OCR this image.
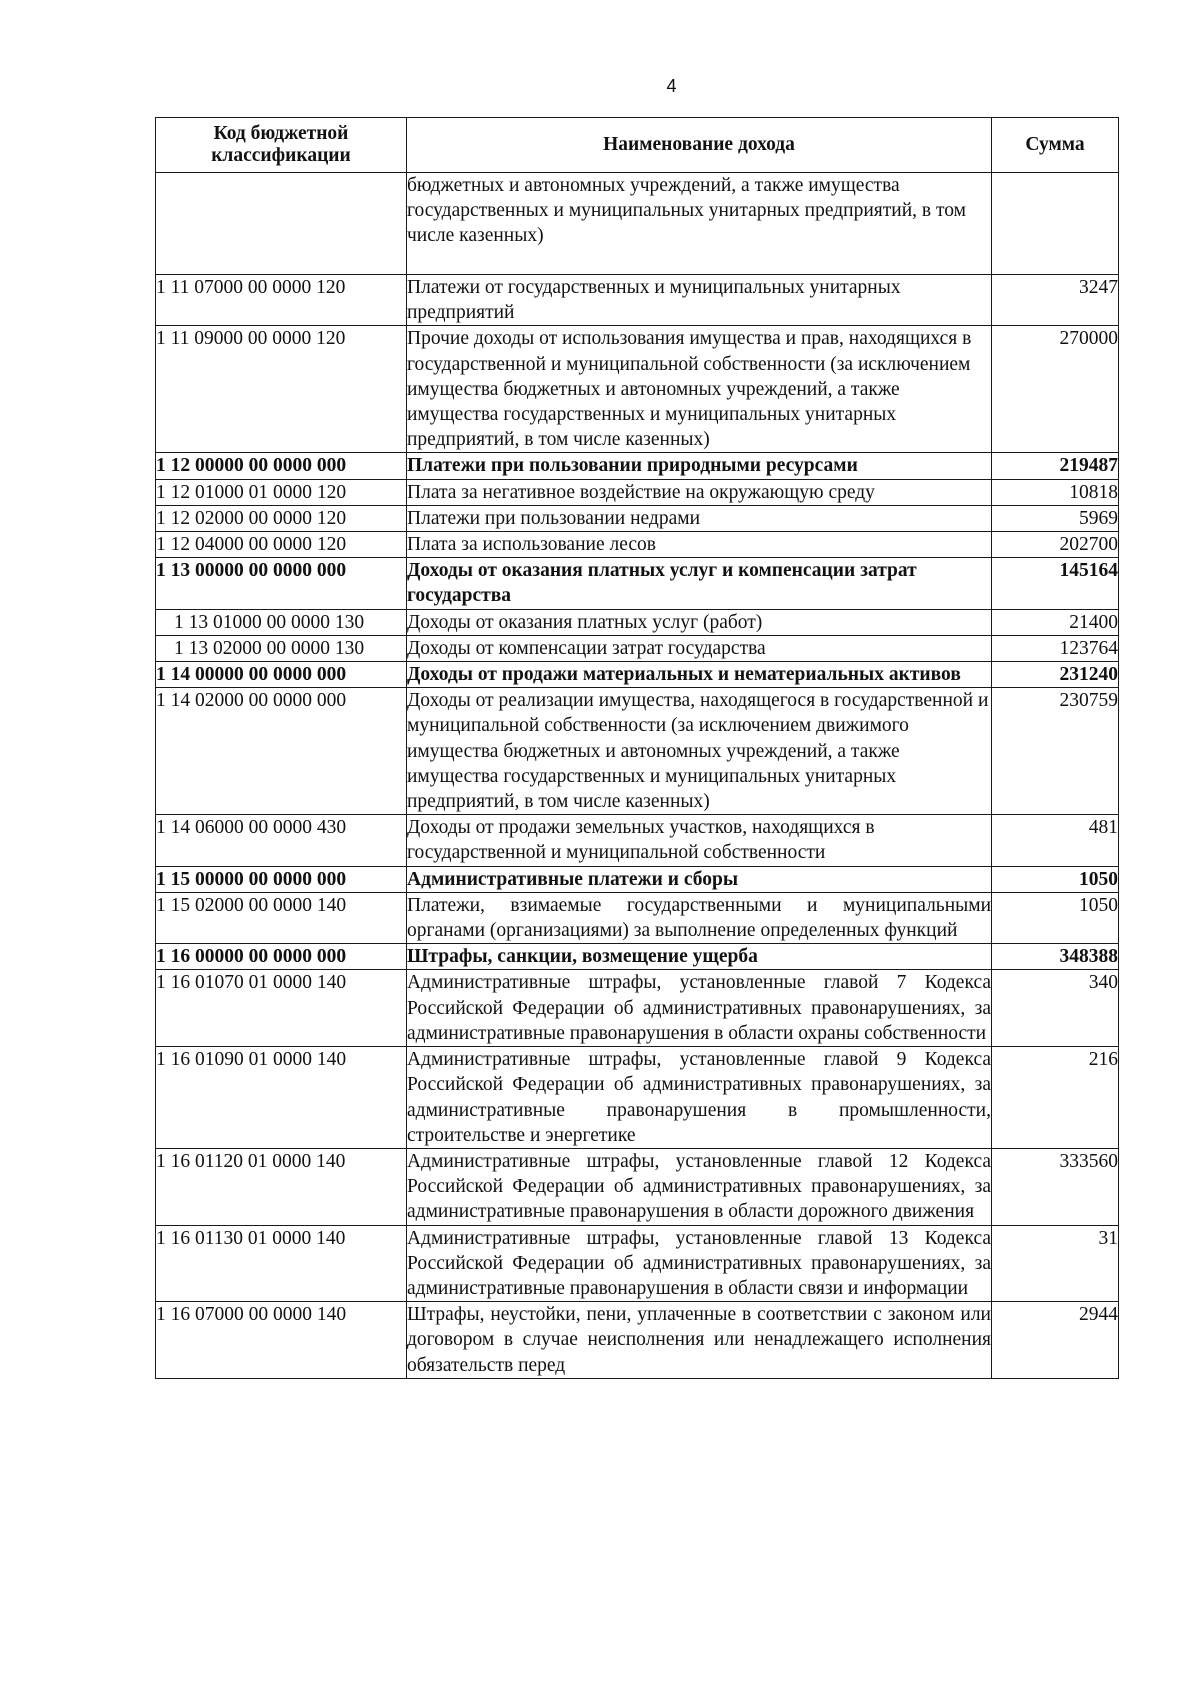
4
Код бюджетной классификации	Наименование дохода	Сумма
	бюджетных и автономных учреждений, а также имущества государственных и муниципальных унитарных предприятий, в том числе казенных)	
1 11 07000 00 0000 120	Платежи от государственных и муниципальных унитарных предприятий	3247
1 11 09000 00 0000 120	Прочие доходы от использования имущества и прав, находящихся в государственной и муниципальной собственности (за исключением имущества бюджетных и автономных учреждений, а также имущества государственных и муниципальных унитарных предприятий, в том числе казенных)	270000
1 12 00000 00 0000 000	Платежи при пользовании природными ресурсами	219487
1 12 01000 01 0000 120	Плата за негативное воздействие на окружающую среду	10818
1 12 02000 00 0000 120	Платежи при пользовании недрами	5969
1 12 04000 00 0000 120	Плата за использование лесов	202700
1 13 00000 00 0000 000	Доходы от оказания платных услуг и компенсации затрат государства	145164
1 13 01000 00 0000 130	Доходы от оказания платных услуг (работ)	21400
1 13 02000 00 0000 130	Доходы от компенсации затрат государства	123764
1 14 00000 00 0000 000	Доходы от продажи материальных и нематериальных активов	231240
1 14 02000 00 0000 000	Доходы от реализации имущества, находящегося в государственной и муниципальной собственности (за исключением движимого имущества бюджетных и автономных учреждений, а также имущества государственных и муниципальных унитарных предприятий, в том числе казенных)	230759
1 14 06000 00 0000 430	Доходы от продажи земельных участков, находящихся в государственной и муниципальной собственности	481
1 15 00000 00 0000 000	Административные платежи и сборы	1050
1 15 02000 00 0000 140	Платежи, взимаемые государственными и муниципальными органами (организациями) за выполнение определенных функций	1050
1 16 00000 00 0000 000	Штрафы, санкции, возмещение ущерба	348388
1 16 01070 01 0000 140	Административные штрафы, установленные главой 7 Кодекса Российской Федерации об административных правонарушениях, за административные правонарушения в области охраны собственности	340
1 16 01090 01 0000 140	Административные штрафы, установленные главой 9 Кодекса Российской Федерации об административных правонарушениях, за административные правонарушения в промышленности, строительстве и энергетике	216
1 16 01120 01 0000 140	Административные штрафы, установленные главой 12 Кодекса Российской Федерации об административных правонарушениях, за административные правонарушения в области дорожного движения	333560
1 16 01130 01 0000 140	Административные штрафы, установленные главой 13 Кодекса Российской Федерации об административных правонарушениях, за административные правонарушения в области связи и информации	31
1 16 07000 00 0000 140	Штрафы, неустойки, пени, уплаченные в соответствии с законом или договором в случае неисполнения или ненадлежащего исполнения обязательств перед	2944
